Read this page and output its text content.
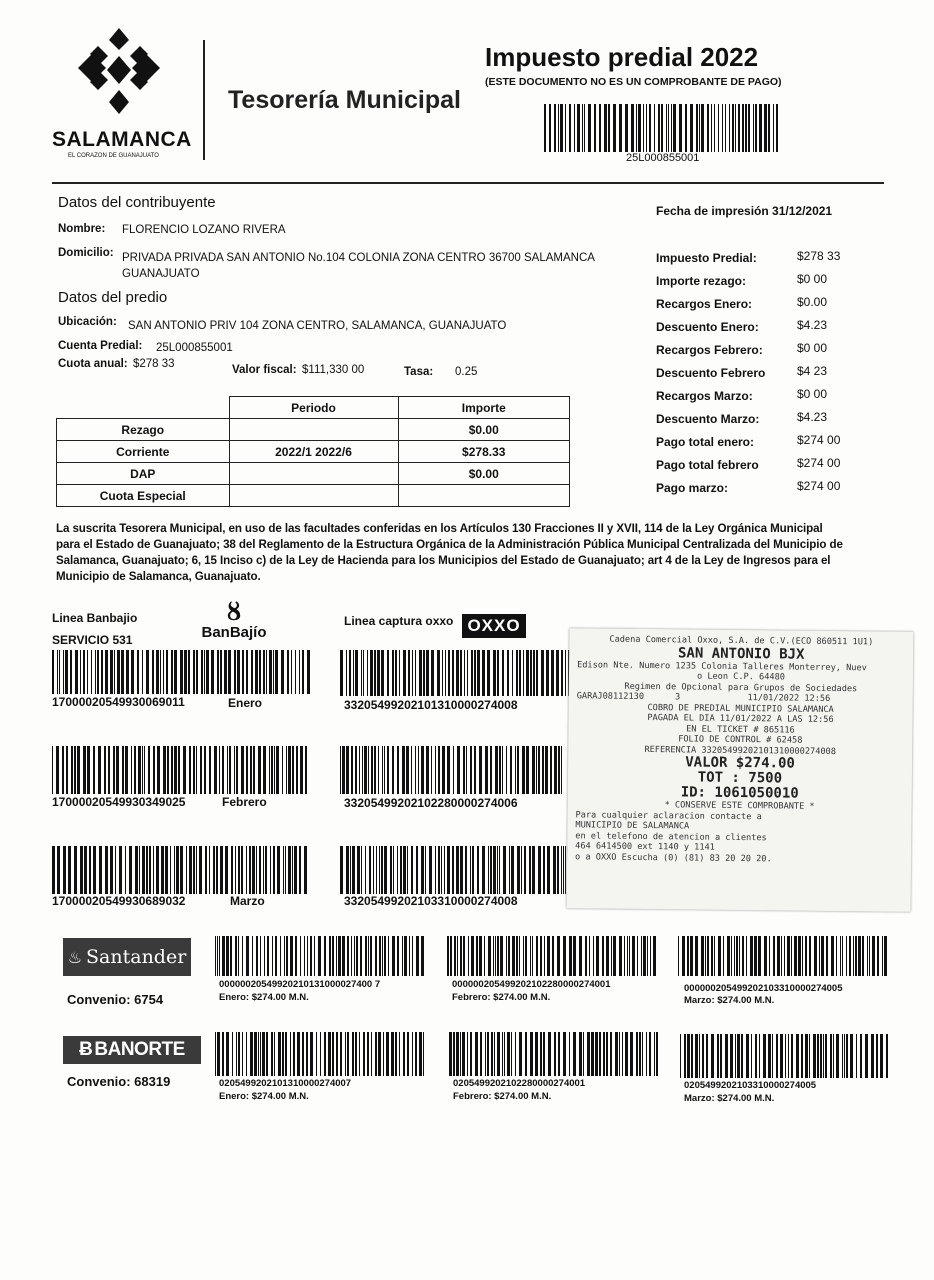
SALAMANCA
EL CORAZON DE GUANAJUATO
Tesorería Municipal
Impuesto predial 2022
(ESTE DOCUMENTO NO ES UN COMPROBANTE DE PAGO)
25L000855001
Datos del contribuyente
Nombre: FLORENCIO LOZANO RIVERA
Domicilio: PRIVADA PRIVADA SAN ANTONIO No.104 COLONIA ZONA CENTRO 36700 SALAMANCA
GUANAJUATO
Datos del predio
Ubicación: SAN ANTONIO PRIV 104 ZONA CENTRO, SALAMANCA, GUANAJUATO
Cuenta Predial: 25L000855001
Cuota anual: $278 33	Valor fiscal: $111,330 00	Tasa: 0.25
	Periodo	Importe
Rezago		$0.00
Corriente	2022/1 2022/6	$278.33
DAP		$0.00
Cuota Especial		
Fecha de impresión 31/12/2021
Impuesto Predial:	$278 33
Importe rezago:	$0 00
Recargos Enero:	$0.00
Descuento Enero:	$4.23
Recargos Febrero:	$0 00
Descuento Febrero	$4 23
Recargos Marzo:	$0 00
Descuento Marzo:	$4.23
Pago total enero:	$274 00
Pago total febrero	$274 00
Pago marzo:	$274 00
La suscrita Tesorera Municipal, en uso de las facultades conferidas en los Artículos 130 Fracciones II y XVII, 114 de la Ley Orgánica Municipal
para el Estado de Guanajuato; 38 del Reglamento de la Estructura Orgánica de la Administración Pública Municipal Centralizada del Municipio de
Salamanca, Guanajuato; 6, 15 Inciso c) de la Ley de Hacienda para los Municipios del Estado de Guanajuato; art 4 de la Ley de Ingresos para el
Municipio de Salamanca, Guanajuato.
Linea Banbajio
SERVICIO 531
ȣ
BanBajío
17000020549930069011	Enero
17000020549930349025	Febrero
17000020549930689032	Marzo
Linea captura oxxo OXXO
33205499202101310000274008
33205499202102280000274006
33205499202103310000274008
Cadena Comercial Oxxo, S.A. de C.V.(ECO 860511 1U1)
SAN ANTONIO BJX
Edison Nte. Numero 1235 Colonia Talleres Monterrey, Nuev
o Leon C.P. 64480
Regimen de Opcional para Grupos de Sociedades
GARAJ08112130      3             11/01/2022 12:56
COBRO DE PREDIAL MUNICIPIO SALAMANCA
PAGADA EL DIA 11/01/2022 A LAS 12:56
EN EL TICKET # 865116
FOLIO DE CONTROL # 62458
REFERENCIA 33205499202101310000274008
VALOR $274.00
TOT : 7500
ID: 1061050010
* CONSERVE ESTE COMPROBANTE *
Para cualquier aclaracion contacte a
MUNICIPIO DE SALAMANCA
en el telefono de atencion a clientes
464 6414500 ext 1140 y 1141
o a OXXO Escucha (0) (81) 83 20 20 20.
♨ Santander
Convenio: 6754
00000020549920210131000027400 7
Enero: $274.00 M.N.
000000205499202102280000274001
Febrero: $274.00 M.N.
000000205499202103310000274005
Marzo: $274.00 M.N.
Ƀ BANORTE
Convenio: 68319	0205499202101310000274007
Enero: $274.00 M.N.
0205499202102280000274001
Febrero: $274.00 M.N.
0205499202103310000274005
Marzo: $274.00 M.N.
